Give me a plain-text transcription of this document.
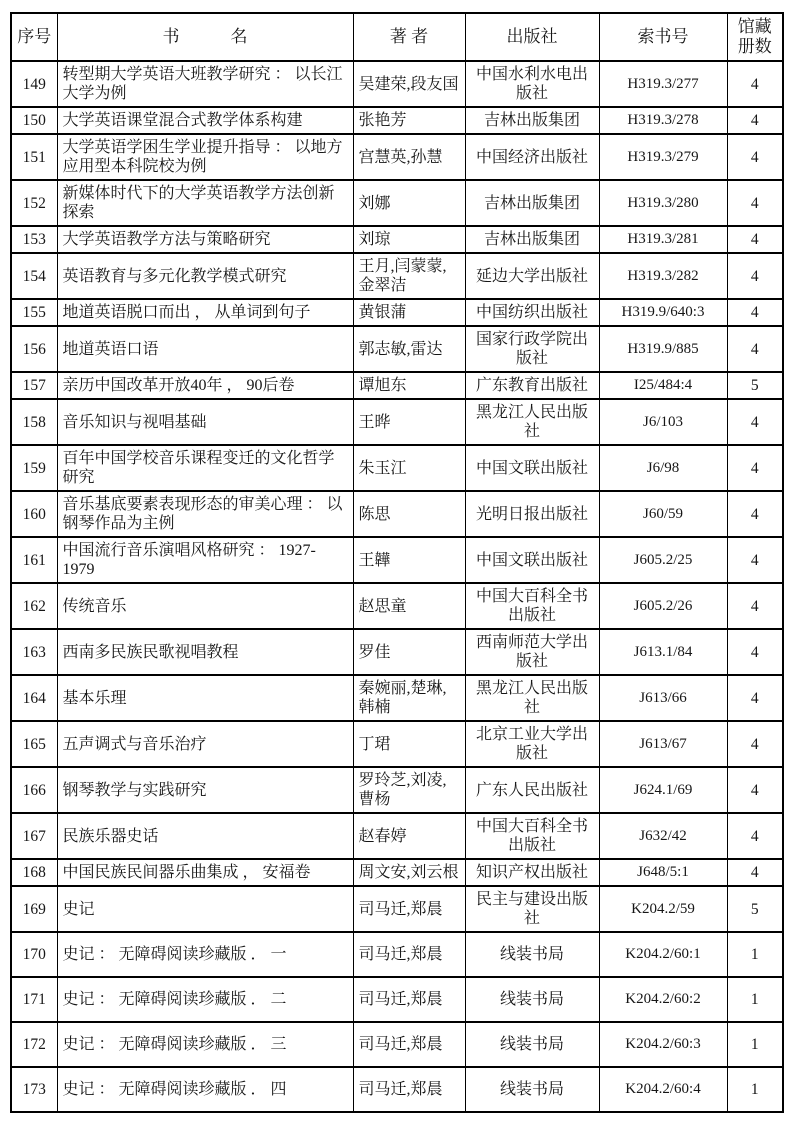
序号	书　　　名	著 者	出版社	索书号	馆藏册数
149	转型期大学英语大班教学研究 ： 以长江大学为例	吴建荣,段友国	中国水利水电出版社	H319.3/277	4
150	大学英语课堂混合式教学体系构建	张艳芳	吉林出版集团	H319.3/278	4
151	大学英语学困生学业提升指导 ： 以地方应用型本科院校为例	宫慧英,孙慧	中国经济出版社	H319.3/279	4
152	新媒体时代下的大学英语教学方法创新探索	刘娜	吉林出版集团	H319.3/280	4
153	大学英语教学方法与策略研究	刘琼	吉林出版集团	H319.3/281	4
154	英语教育与多元化教学模式研究	王月,闫蒙蒙,金翠洁	延边大学出版社	H319.3/282	4
155	地道英语脱口而出 ， 从单词到句子	黄银蒲	中国纺织出版社	H319.9/640:3	4
156	地道英语口语	郭志敏,雷达	国家行政学院出版社	H319.9/885	4
157	亲历中国改革开放40年 ， 90后卷	谭旭东	广东教育出版社	I25/484:4	5
158	音乐知识与视唱基础	王晔	黑龙江人民出版社	J6/103	4
159	百年中国学校音乐课程变迁的文化哲学研究	朱玉江	中国文联出版社	J6/98	4
160	音乐基底要素表现形态的审美心理 ： 以钢琴作品为主例	陈思	光明日报出版社	J60/59	4
161	中国流行音乐演唱风格研究 ： 1927-1979	王韡	中国文联出版社	J605.2/25	4
162	传统音乐	赵思童	中国大百科全书出版社	J605.2/26	4
163	西南多民族民歌视唱教程	罗佳	西南师范大学出版社	J613.1/84	4
164	基本乐理	秦婉丽,楚琳,韩楠	黑龙江人民出版社	J613/66	4
165	五声调式与音乐治疗	丁珺	北京工业大学出版社	J613/67	4
166	钢琴教学与实践研究	罗玲芝,刘凌,曹杨	广东人民出版社	J624.1/69	4
167	民族乐器史话	赵春婷	中国大百科全书出版社	J632/42	4
168	中国民族民间器乐曲集成 ， 安福卷	周文安,刘云根	知识产权出版社	J648/5:1	4
169	史记	司马迁,郑晨	民主与建设出版社	K204.2/59	5
170	史记 ： 无障碍阅读珍藏版 ． 一	司马迁,郑晨	线装书局	K204.2/60:1	1
171	史记 ： 无障碍阅读珍藏版 ． 二	司马迁,郑晨	线装书局	K204.2/60:2	1
172	史记 ： 无障碍阅读珍藏版 ． 三	司马迁,郑晨	线装书局	K204.2/60:3	1
173	史记 ： 无障碍阅读珍藏版 ． 四	司马迁,郑晨	线装书局	K204.2/60:4	1
